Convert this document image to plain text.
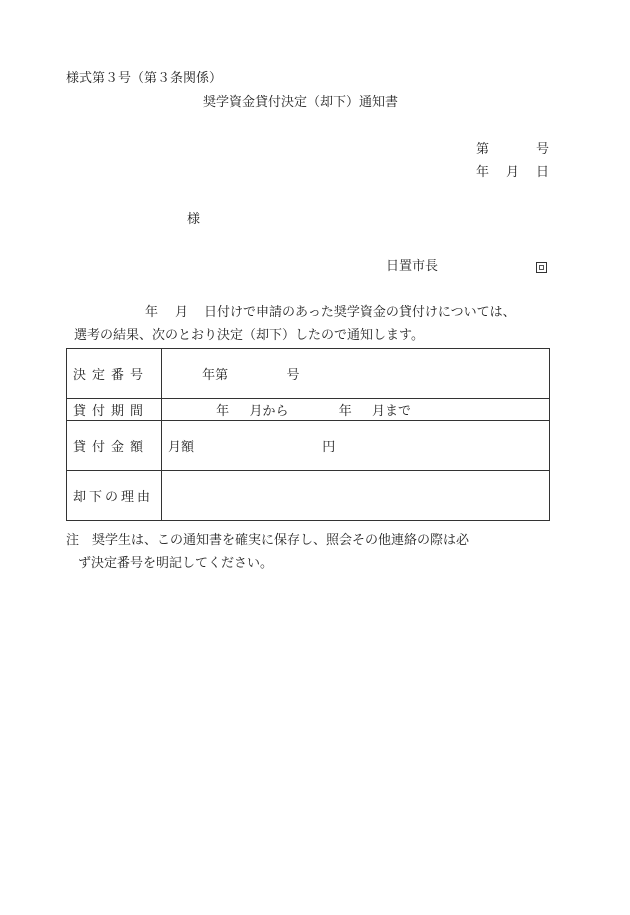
様式第３号（第３条関係）
奨学資金貸付決定（却下）通知書
第	号
年 月 日
様
日置市長
年 月 日付けで申請のあった奨学資金の貸付けについては、
選考の結果、次のとおり決定（却下）したので通知します。
決定番号	年第 号
貸付期間	年 月から 年 月まで
貸付金額	月額 円
却下の理由	
注　奨学生は、この通知書を確実に保存し、照会その他連絡の際は必
ず決定番号を明記してください。
